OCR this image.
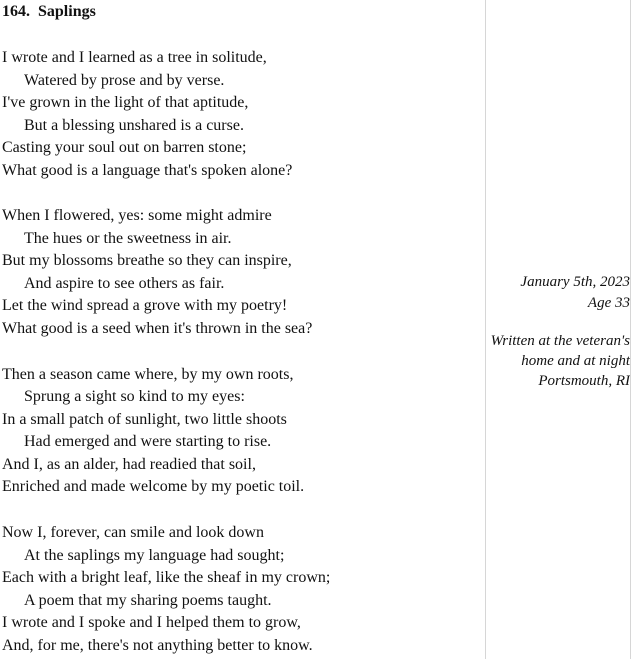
164. Saplings
I wrote and I learned as a tree in solitude,
Watered by prose and by verse.
I've grown in the light of that aptitude,
But a blessing unshared is a curse.
Casting your soul out on barren stone;
What good is a language that's spoken alone?
When I flowered, yes: some might admire
The hues or the sweetness in air.
But my blossoms breathe so they can inspire,
And aspire to see others as fair.
Let the wind spread a grove with my poetry!
What good is a seed when it's thrown in the sea?
Then a season came where, by my own roots,
Sprung a sight so kind to my eyes:
In a small patch of sunlight, two little shoots
Had emerged and were starting to rise.
And I, as an alder, had readied that soil,
Enriched and made welcome by my poetic toil.
Now I, forever, can smile and look down
At the saplings my language had sought;
Each with a bright leaf, like the sheaf in my crown;
A poem that my sharing poems taught.
I wrote and I spoke and I helped them to grow,
And, for me, there's not anything better to know.
January 5th, 2023
Age 33
Written at the veteran's
home and at night
Portsmouth, RI
